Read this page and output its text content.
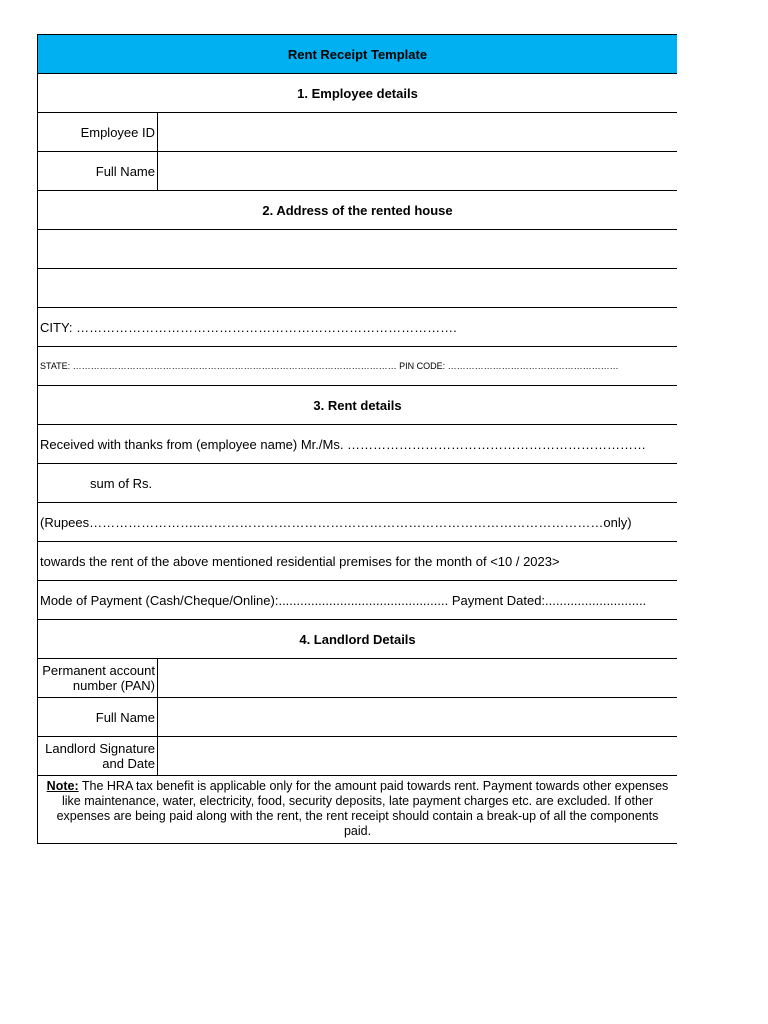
Rent Receipt Template
1. Employee details
Employee ID
Full Name
2. Address of the rented house
CITY: …………………………………………………………………………….
STATE: ……………………………………………………………………………………………… PIN CODE: …………………………………………………
3. Rent details
Received with thanks from (employee name) Mr./Ms. ……………………………………………………………
sum of Rs.
(Rupees……………………..…………………………………………………………………………………only)
towards the rent of the above mentioned residential premises for the month of <10 / 2023>
Mode of Payment (Cash/Cheque/Online):............................................... Payment Dated:............................
4. Landlord Details
Permanent account number (PAN)
Full Name
Landlord Signature and Date
Note: The HRA tax benefit is applicable only for the amount paid towards rent. Payment towards other expenses like maintenance, water, electricity, food, security deposits, late payment charges etc. are excluded. If other expenses are being paid along with the rent, the rent receipt should contain a break-up of all the components paid.
